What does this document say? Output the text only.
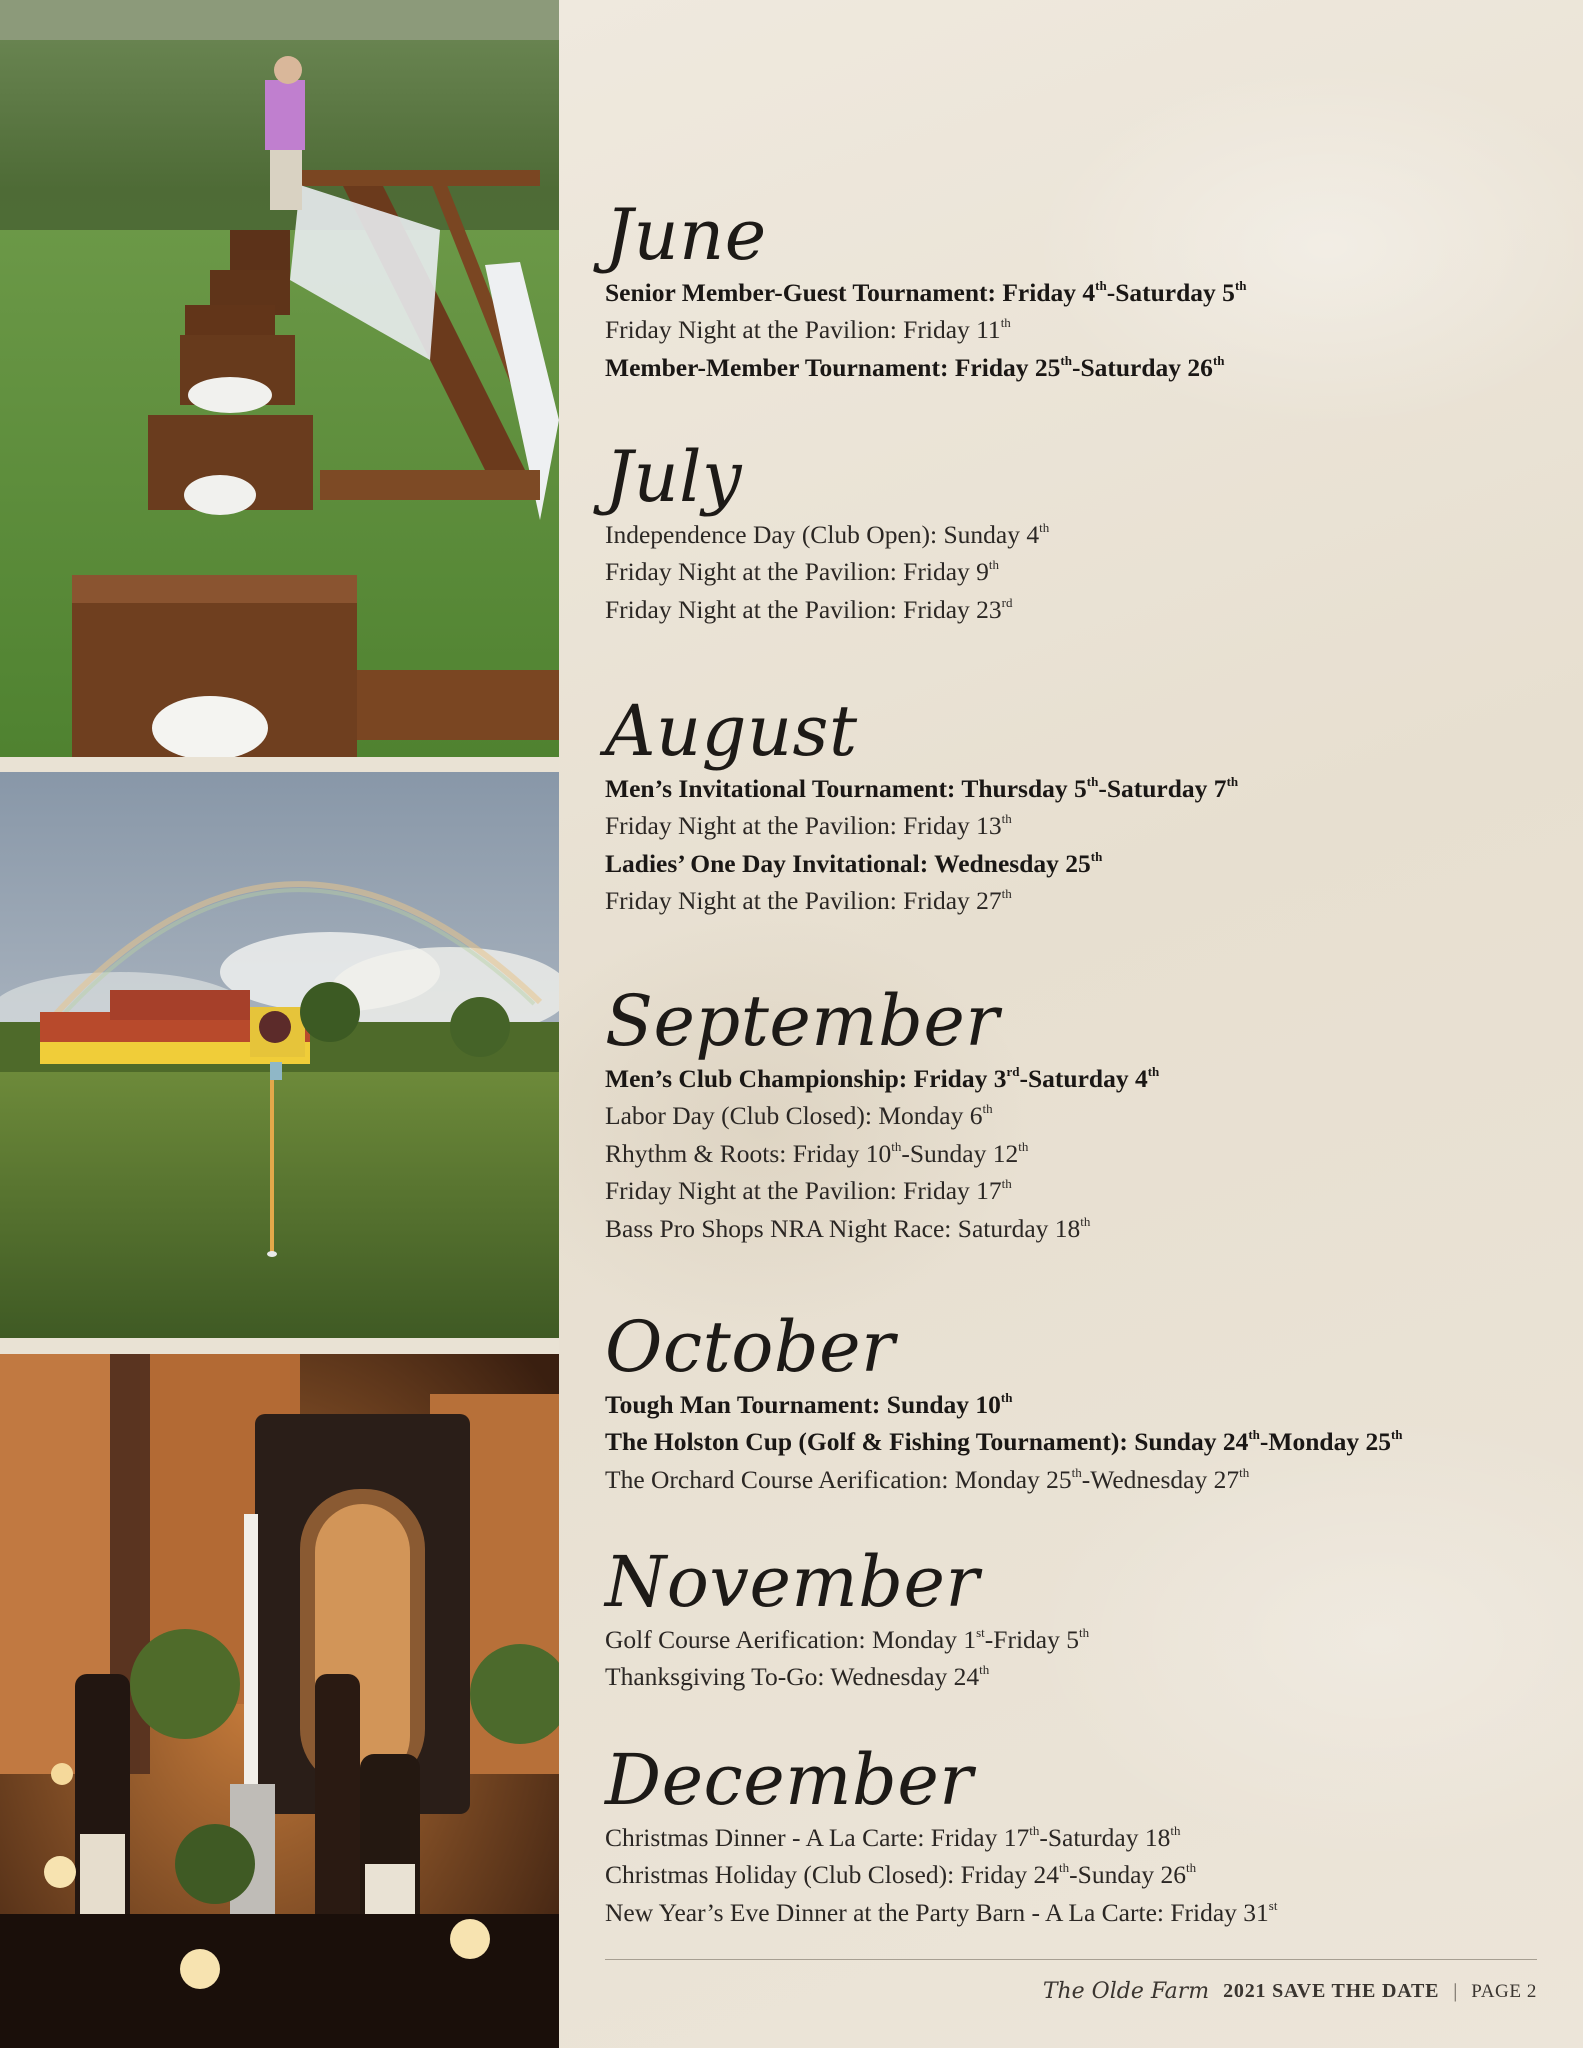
June
Senior Member-Guest Tournament: Friday 4th-Saturday 5th
Friday Night at the Pavilion: Friday 11th
Member-Member Tournament: Friday 25th-Saturday 26th
July
Independence Day (Club Open): Sunday 4th
Friday Night at the Pavilion: Friday 9th
Friday Night at the Pavilion: Friday 23rd
August
Men’s Invitational Tournament: Thursday 5th-Saturday 7th
Friday Night at the Pavilion: Friday 13th
Ladies’ One Day Invitational: Wednesday 25th
Friday Night at the Pavilion: Friday 27th
September
Men’s Club Championship: Friday 3rd-Saturday 4th
Labor Day (Club Closed): Monday 6th
Rhythm & Roots: Friday 10th-Sunday 12th
Friday Night at the Pavilion: Friday 17th
Bass Pro Shops NRA Night Race: Saturday 18th
October
Tough Man Tournament: Sunday 10th
The Holston Cup (Golf & Fishing Tournament): Sunday 24th-Monday 25th
The Orchard Course Aerification: Monday 25th-Wednesday 27th
November
Golf Course Aerification: Monday 1st-Friday 5th
Thanksgiving To-Go: Wednesday 24th
December
Christmas Dinner - A La Carte: Friday 17th-Saturday 18th
Christmas Holiday (Club Closed): Friday 24th-Sunday 26th
New Year’s Eve Dinner at the Party Barn - A La Carte: Friday 31st
The Olde Farm 2021 SAVE THE DATE | PAGE 2
